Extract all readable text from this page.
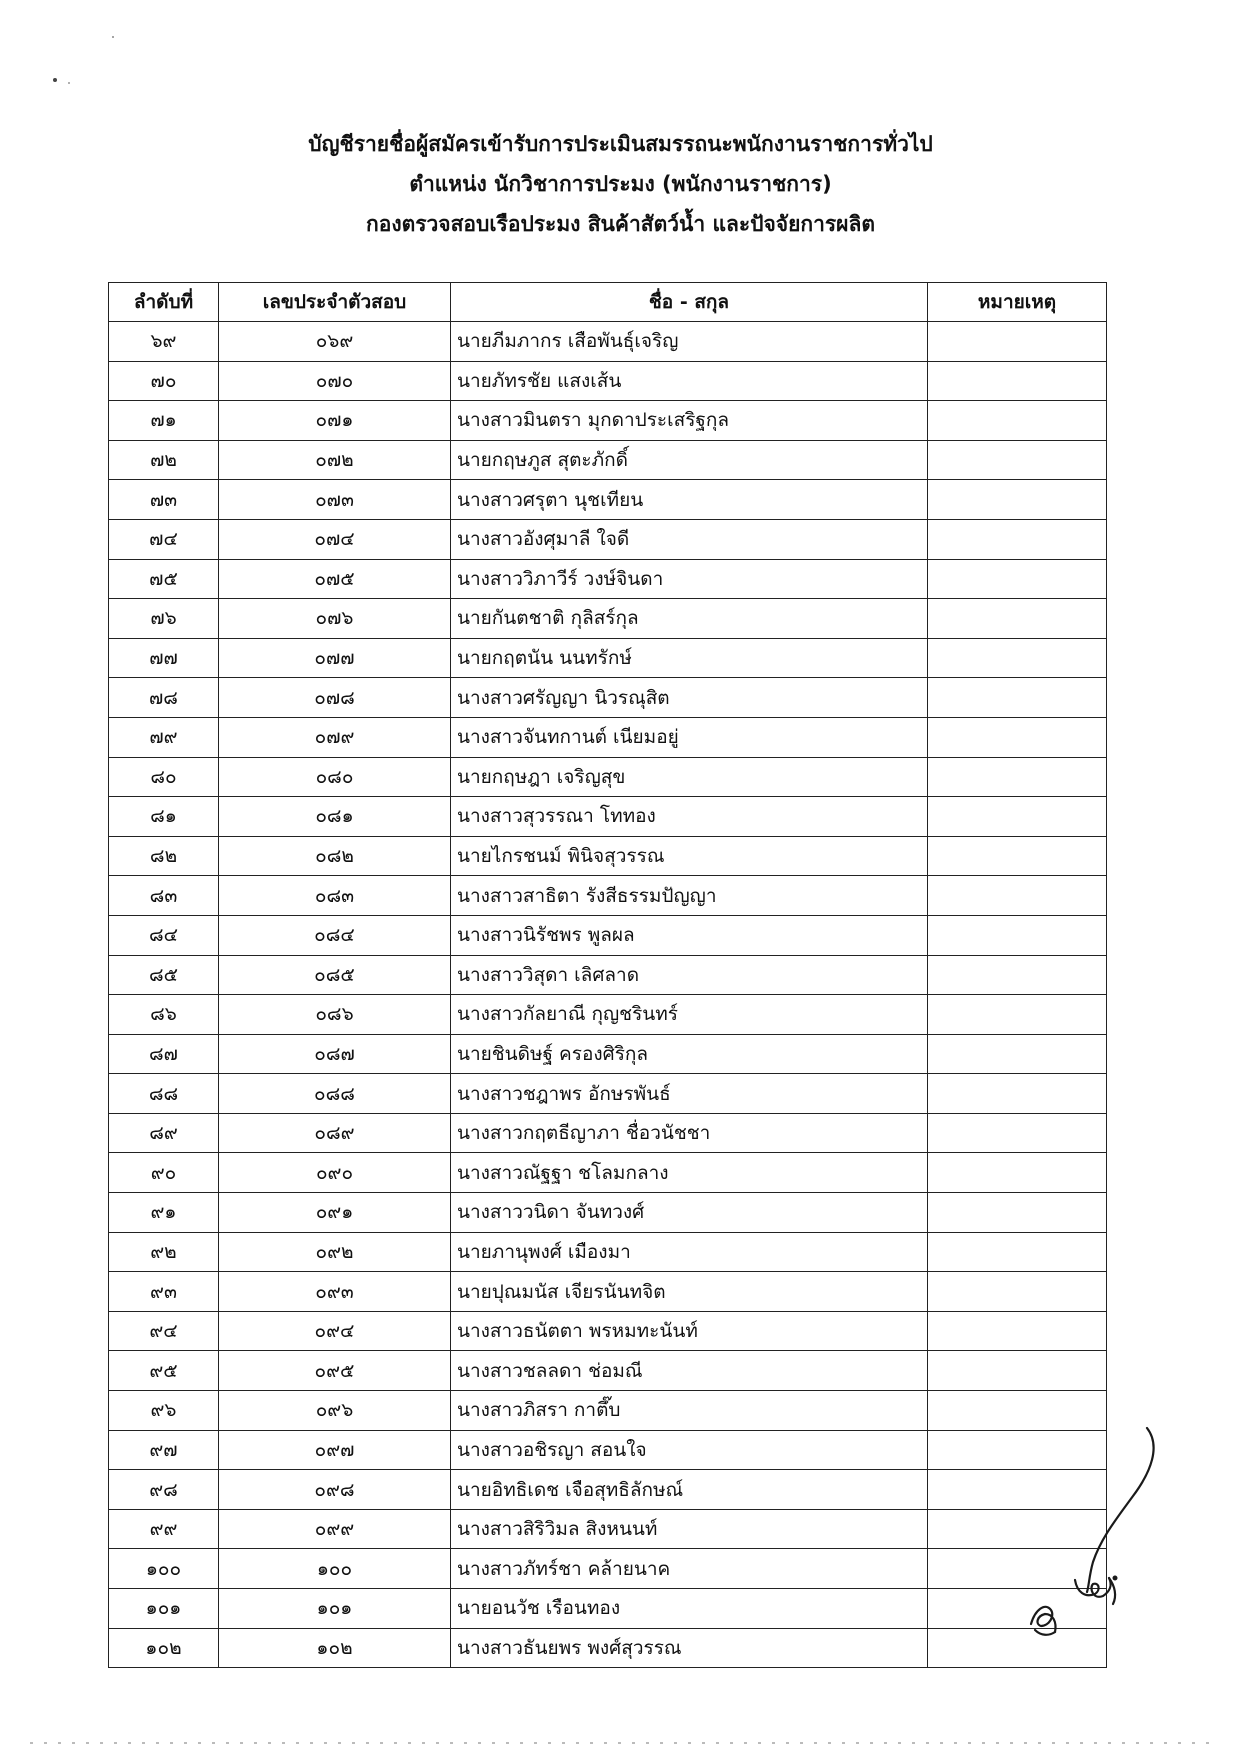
บัญชีรายชื่อผู้สมัครเข้ารับการประเมินสมรรถนะพนักงานราชการทั่วไป
ตำแหน่ง นักวิชาการประมง (พนักงานราชการ)
กองตรวจสอบเรือประมง สินค้าสัตว์น้ำ และปัจจัยการผลิต
ลำดับที่	เลขประจำตัวสอบ	ชื่อ - สกุล	หมายเหตุ
๖๙	๐๖๙	นายภีมภากร เสือพันธุ์เจริญ	
๗๐	๐๗๐	นายภัทรชัย แสงเส้น	
๗๑	๐๗๑	นางสาวมินตรา มุกดาประเสริฐกุล	
๗๒	๐๗๒	นายกฤษภูส สุตะภักดิ์	
๗๓	๐๗๓	นางสาวศรุตา นุชเทียน	
๗๔	๐๗๔	นางสาวอังศุมาลี ใจดี	
๗๕	๐๗๕	นางสาววิภาวีร์ วงษ์จินดา	
๗๖	๐๗๖	นายกันตชาติ กุลิสร์กุล	
๗๗	๐๗๗	นายกฤตนัน นนทรักษ์	
๗๘	๐๗๘	นางสาวศรัญญา นิวรณุสิต	
๗๙	๐๗๙	นางสาวจันทกานต์ เนียมอยู่	
๘๐	๐๘๐	นายกฤษฎา เจริญสุข	
๘๑	๐๘๑	นางสาวสุวรรณา โททอง	
๘๒	๐๘๒	นายไกรชนม์ พินิจสุวรรณ	
๘๓	๐๘๓	นางสาวสาธิตา รังสีธรรมปัญญา	
๘๔	๐๘๔	นางสาวนิรัชพร พูลผล	
๘๕	๐๘๕	นางสาววิสุดา เลิศลาด	
๘๖	๐๘๖	นางสาวกัลยาณี กุญชรินทร์	
๘๗	๐๘๗	นายชินดิษฐ์ ครองศิริกุล	
๘๘	๐๘๘	นางสาวชฎาพร อักษรพันธ์	
๘๙	๐๘๙	นางสาวกฤตธีญาภา ชื่อวนัชชา	
๙๐	๐๙๐	นางสาวณัฐฐา ชโลมกลาง	
๙๑	๐๙๑	นางสาววนิดา จันทวงศ์	
๙๒	๐๙๒	นายภานุพงศ์ เมืองมา	
๙๓	๐๙๓	นายปุณมนัส เจียรนันทจิต	
๙๔	๐๙๔	นางสาวธนัตตา พรหมทะนันท์	
๙๕	๐๙๕	นางสาวชลลดา ช่อมณี	
๙๖	๐๙๖	นางสาวภิสรา กาตึ๊บ	
๙๗	๐๙๗	นางสาวอชิรญา สอนใจ	
๙๘	๐๙๘	นายอิทธิเดช เจือสุทธิลักษณ์	
๙๙	๐๙๙	นางสาวสิริวิมล สิงหนนท์	
๑๐๐	๑๐๐	นางสาวภัทร์ชา คล้ายนาค	
๑๐๑	๑๐๑	นายอนวัช เรือนทอง	
๑๐๒	๑๐๒	นางสาวธันยพร พงศ์สุวรรณ	
